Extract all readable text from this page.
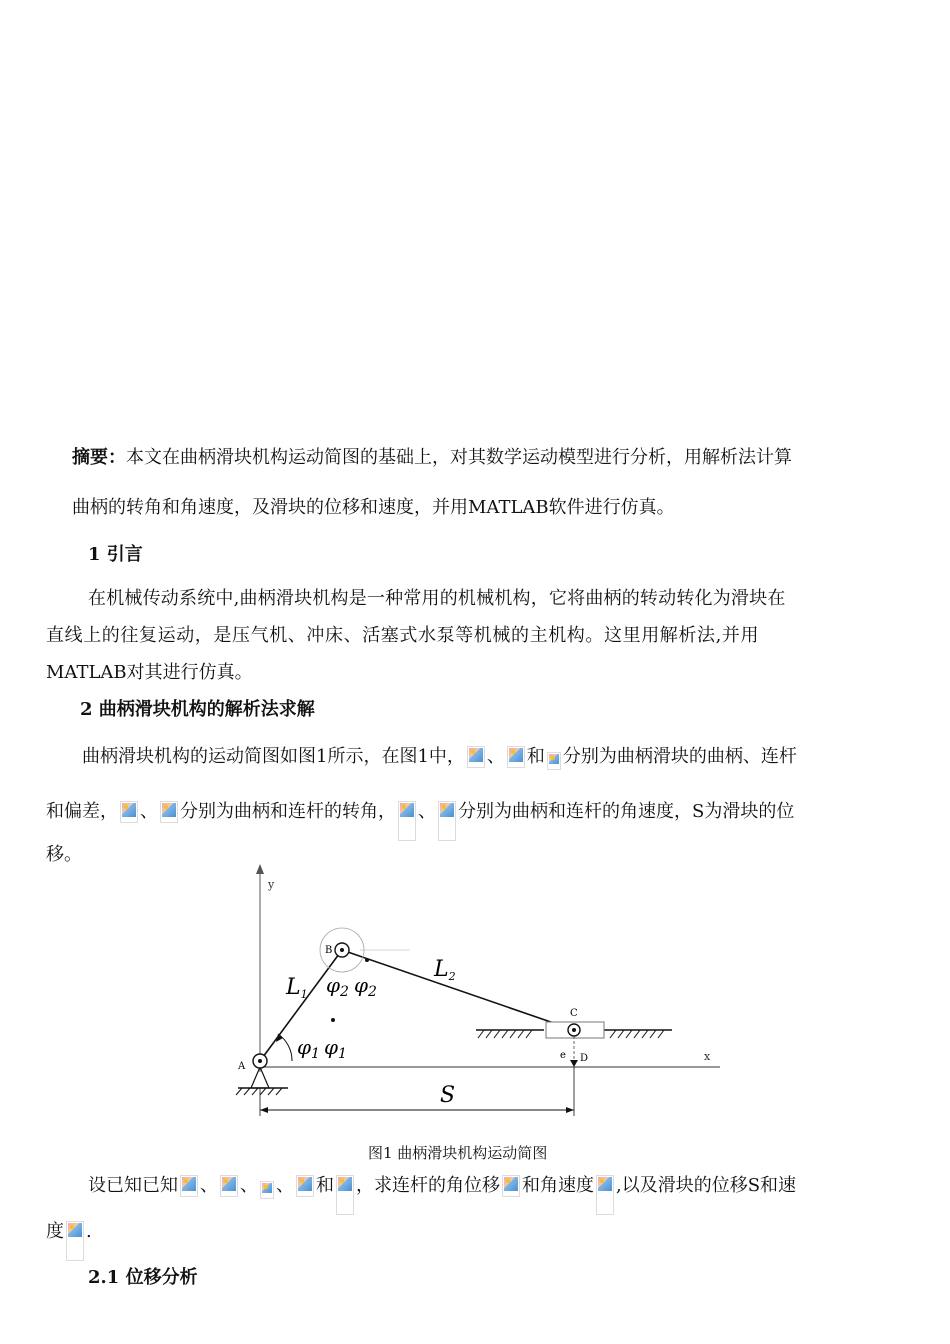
摘要：本文在曲柄滑块机构运动简图的基础上，对其数学运动模型进行分析，用解析法计算
曲柄的转角和角速度，及滑块的位移和速度，并用MATLAB软件进行仿真。
1 引言
在机械传动系统中,曲柄滑块机构是一种常用的机械机构，它将曲柄的转动转化为滑块在
直线上的往复运动，是压气机、冲床、活塞式水泵等机械的主机构。这里用解析法,并用
MATLAB对其进行仿真。
2 曲柄滑块机构的解析法求解
曲柄滑块机构的运动简图如图1所示，在图1中， 、 和 分别为曲柄滑块的曲柄、连杆
和偏差， 、 分别为曲柄和连杆的转角， 、 分别为曲柄和连杆的角速度，S为滑块的位
移。
y
x
A
B
C
e D
L1
L2
$\varphi_2$ $\varphi_2$
$\varphi_1$ $\varphi_1$
S
图1 曲柄滑块机构运动简图
设已知已知 、 、 、 和 ，求连杆的角位移 和角速度 ,以及滑块的位移S和速
度 .
2.1 位移分析
